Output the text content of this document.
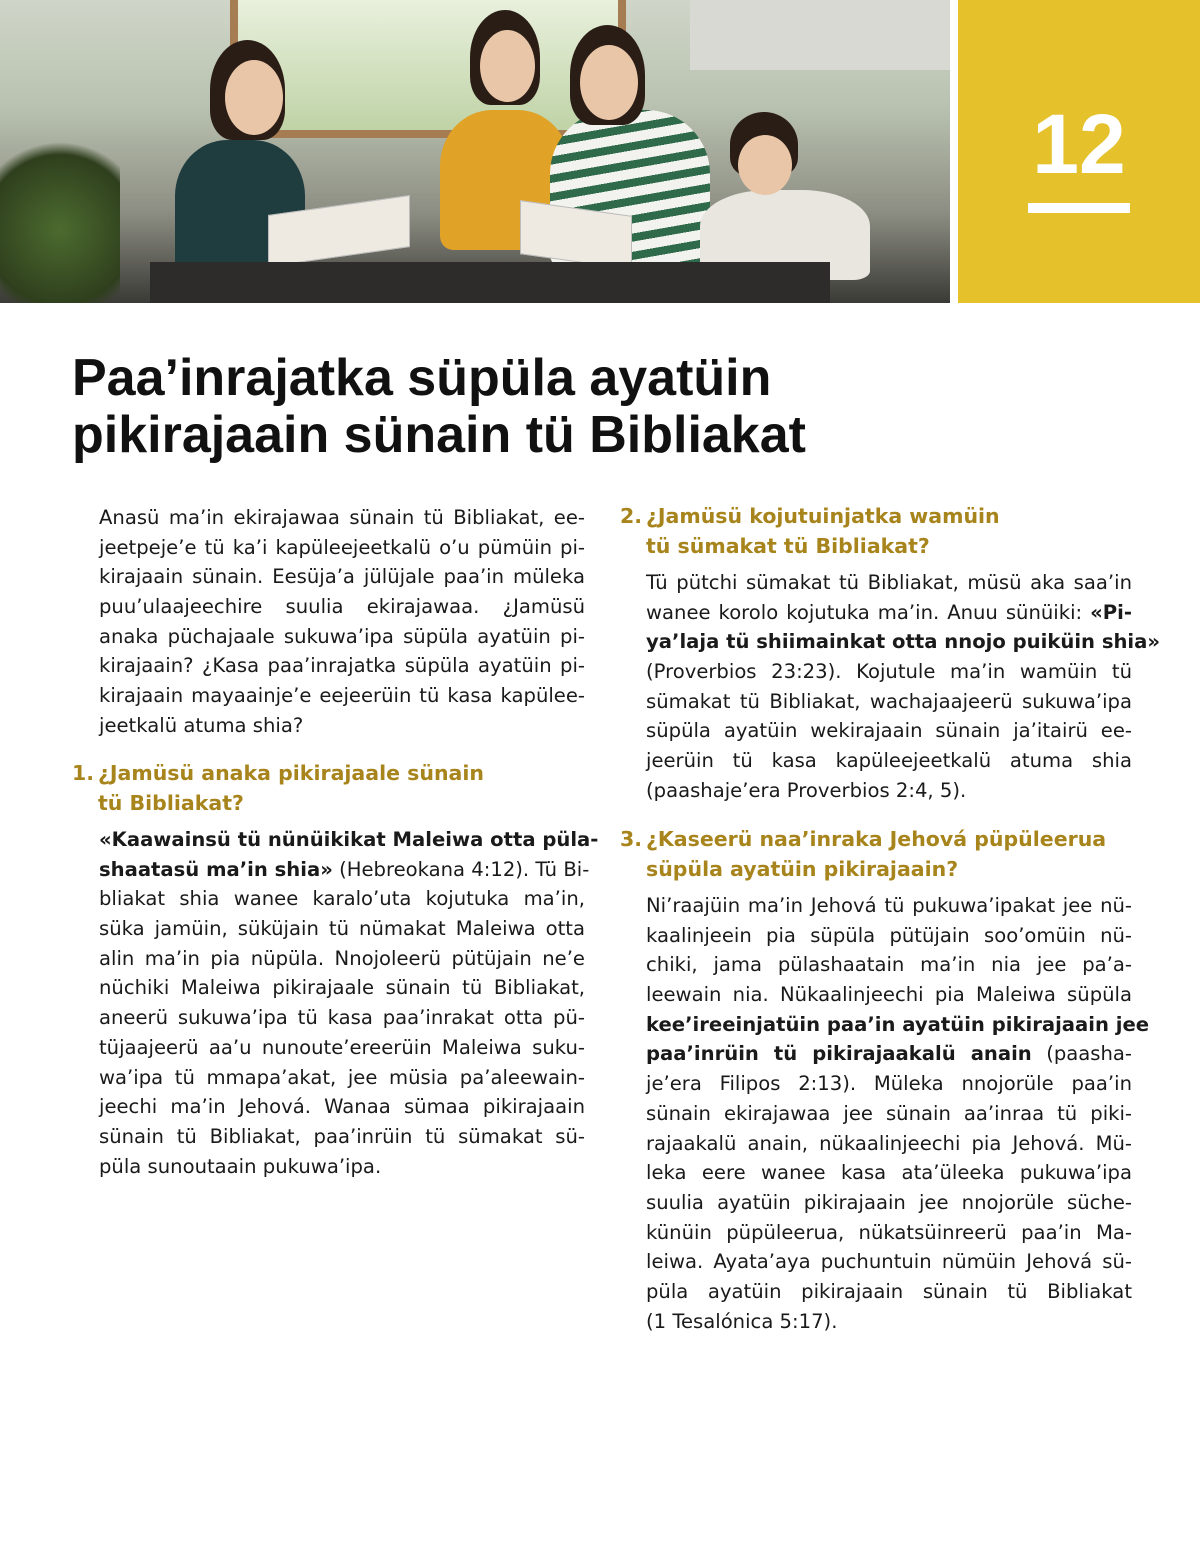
12
Paa’inrajatka süpüla ayatüin
pikirajaain sünain tü Bibliakat
Anasü ma’in ekirajawaa sünain tü Bibliakat, ee-
jeetpeje’e tü ka’i kapüleejeetkalü o’u pümüin pi-
kirajaain sünain. Eesüja’a jülüjale paa’in müleka
puu’ulaajeechire suulia ekirajawaa. ¿Jamüsü
anaka püchajaale sukuwa’ipa süpüla ayatüin pi-
kirajaain? ¿Kasa paa’inrajatka süpüla ayatüin pi-
kirajaain mayaainje’e eejeerüin tü kasa kapülee-
jeetkalü atuma shia?
1. ¿Jamüsü anaka pikirajaale sünain
tü Bibliakat?
«Kaawainsü tü nünüikikat Maleiwa otta püla-
shaatasü ma’in shia» (Hebreokana 4:12). Tü Bi-
bliakat shia wanee karalo’uta kojutuka ma’in,
süka jamüin, süküjain tü nümakat Maleiwa otta
alin ma’in pia nüpüla. Nnojoleerü pütüjain ne’e
nüchiki Maleiwa pikirajaale sünain tü Bibliakat,
aneerü sukuwa’ipa tü kasa paa’inrakat otta pü-
tüjaajeerü aa’u nunoute’ereerüin Maleiwa suku-
wa’ipa tü mmapa’akat, jee müsia pa’aleewain-
jeechi ma’in Jehová. Wanaa sümaa pikirajaain
sünain tü Bibliakat, paa’inrüin tü sümakat sü-
püla sunoutaain pukuwa’ipa.
2. ¿Jamüsü kojutuinjatka wamüin
tü sümakat tü Bibliakat?
Tü pütchi sümakat tü Bibliakat, müsü aka saa’in
wanee korolo kojutuka ma’in. Anuu sünüiki: «Pi-
ya’laja tü shiimainkat otta nnojo puiküin shia»
(Proverbios 23:23). Kojutule ma’in wamüin tü
sümakat tü Bibliakat, wachajaajeerü sukuwa’ipa
süpüla ayatüin wekirajaain sünain ja’itairü ee-
jeerüin tü kasa kapüleejeetkalü atuma shia
(paashaje’era Proverbios 2:4, 5).
3. ¿Kaseerü naa’inraka Jehová püpüleerua
süpüla ayatüin pikirajaain?
Ni’raajüin ma’in Jehová tü pukuwa’ipakat jee nü-
kaalinjeein pia süpüla pütüjain soo’omüin nü-
chiki, jama pülashaatain ma’in nia jee pa’a-
leewain nia. Nükaalinjeechi pia Maleiwa süpüla
kee’ireeinjatüin paa’in ayatüin pikirajaain jee
paa’inrüin tü pikirajaakalü anain (paasha-
je’era Filipos 2:13). Müleka nnojorüle paa’in
sünain ekirajawaa jee sünain aa’inraa tü piki-
rajaakalü anain, nükaalinjeechi pia Jehová. Mü-
leka eere wanee kasa ata’üleeka pukuwa’ipa
suulia ayatüin pikirajaain jee nnojorüle süche-
künüin püpüleerua, nükatsüinreerü paa’in Ma-
leiwa. Ayata’aya puchuntuin nümüin Jehová sü-
püla ayatüin pikirajaain sünain tü Bibliakat
(1 Tesalónica 5:17).
